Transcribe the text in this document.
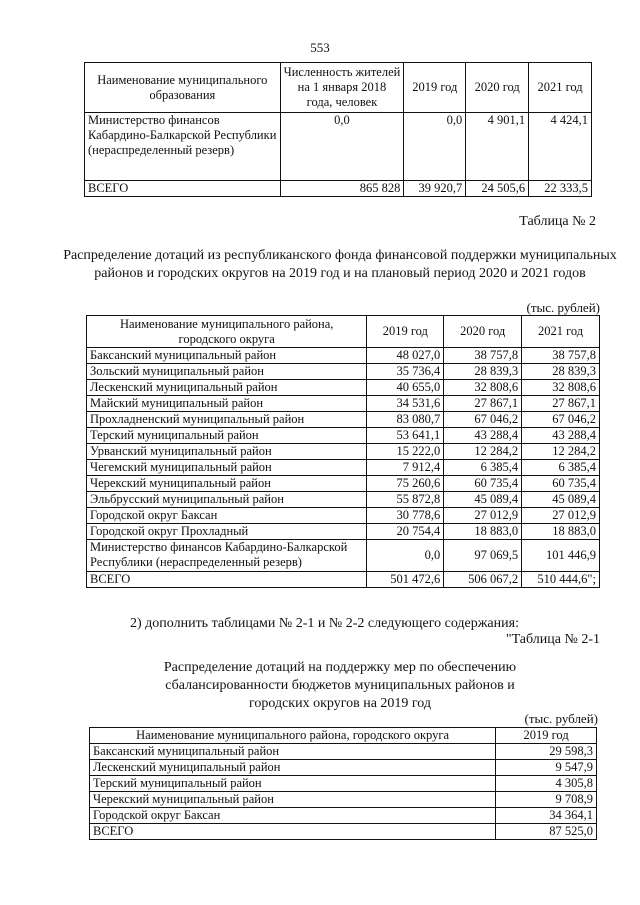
553
Наименование муниципального образования	Численность жителей на 1 января 2018 года, человек	2019 год	2020 год	2021 год
Министерство финансов Кабардино-Балкарской Республики (нераспределенный резерв)	0,0	0,0	4 901,1	4 424,1
ВСЕГО	865 828	39 920,7	24 505,6	22 333,5
Таблица № 2
Распределение дотаций из республиканского фонда финансовой поддержки муниципальных районов и городских округов на 2019 год и на плановый период 2020 и 2021 годов
(тыс. рублей)
Наименование муниципального района, городского округа	2019 год	2020 год	2021 год
Баксанский муниципальный район	48 027,0	38 757,8	38 757,8
Зольский муниципальный район	35 736,4	28 839,3	28 839,3
Лескенский муниципальный район	40 655,0	32 808,6	32 808,6
Майский муниципальный район	34 531,6	27 867,1	27 867,1
Прохладненский муниципальный район	83 080,7	67 046,2	67 046,2
Терский муниципальный район	53 641,1	43 288,4	43 288,4
Урванский муниципальный район	15 222,0	12 284,2	12 284,2
Чегемский муниципальный район	7 912,4	6 385,4	6 385,4
Черекский муниципальный район	75 260,6	60 735,4	60 735,4
Эльбрусский муниципальный район	55 872,8	45 089,4	45 089,4
Городской округ Баксан	30 778,6	27 012,9	27 012,9
Городской округ Прохладный	20 754,4	18 883,0	18 883,0
Министерство финансов Кабардино-Балкарской Республики (нераспределенный резерв)	0,0	97 069,5	101 446,9
ВСЕГО	501 472,6	506 067,2	510 444,6";
2) дополнить таблицами № 2-1 и № 2-2 следующего содержания:
"Таблица № 2-1
Распределение дотаций на поддержку мер по обеспечению сбалансированности бюджетов муниципальных районов и городских округов на 2019 год
(тыс. рублей)
Наименование муниципального района, городского округа	2019 год
Баксанский муниципальный район	29 598,3
Лескенский муниципальный район	9 547,9
Терский муниципальный район	4 305,8
Черекский муниципальный район	9 708,9
Городской округ Баксан	34 364,1
ВСЕГО	87 525,0
